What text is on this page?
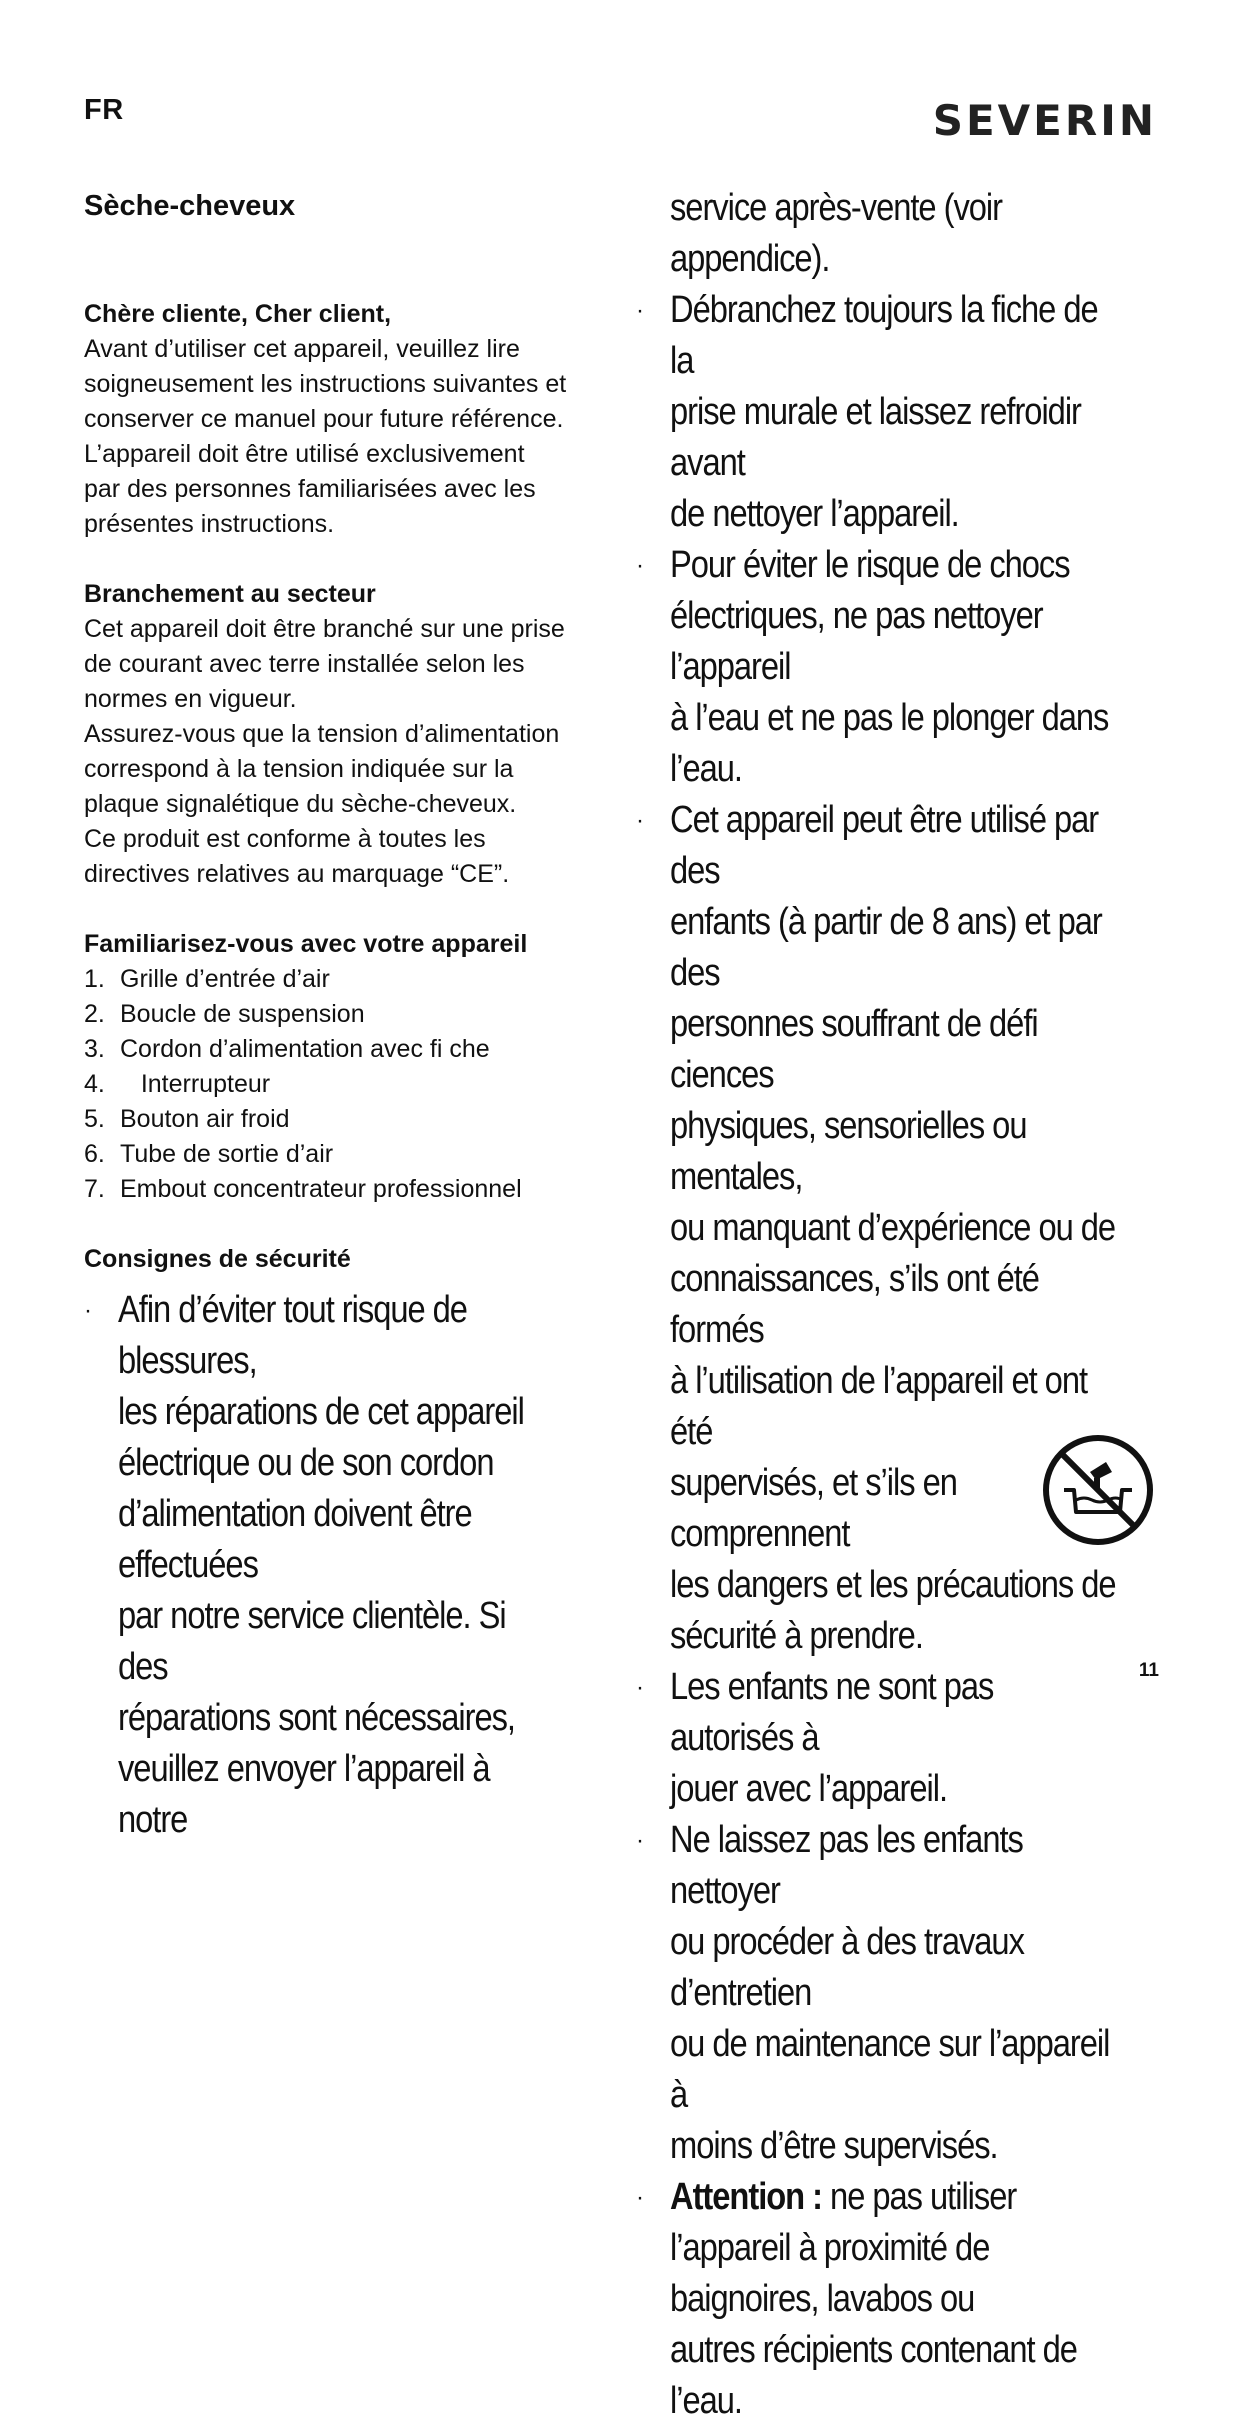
FR	SEVERIN
Sèche-cheveux
Chère cliente, Cher client,

Avant d’utiliser cet appareil, veuillez lire
soigneusement les instructions suivantes et
conserver ce manuel pour future référence.
L’appareil doit être utilisé exclusivement
par des personnes familiarisées avec les
présentes instructions.

Branchement au secteur

Cet appareil doit être branché sur une prise
de courant avec terre installée selon les
normes en vigueur.
Assurez-vous que la tension d’alimentation
correspond à la tension indiquée sur la
plaque signalétique du sèche-cheveux.
Ce produit est conforme à toutes les
directives relatives au marquage “CE”.

Familiarisez-vous avec votre appareil
1. Grille d’entrée d’air
2. Boucle de suspension
3. Cordon d’alimentation avec fi che
4. Interrupteur
5. Bouton air froid
6. Tube de sortie d’air
7. Embout concentrateur professionnel
Consignes de sécurité
· Afin d’éviter tout risque de blessures,
les réparations de cet appareil
électrique ou de son cordon
d’alimentation doivent être effectuées
par notre service clientèle. Si des
réparations sont nécessaires,
veuillez envoyer l’appareil à notre
service après-vente (voir appendice).
· Débranchez toujours la fiche de la
prise murale et laissez refroidir avant
de nettoyer l’appareil.
· Pour éviter le risque de chocs
électriques, ne pas nettoyer l’appareil
à l’eau et ne pas le plonger dans
l’eau.
· Cet appareil peut être utilisé par des
enfants (à partir de 8 ans) et par des
personnes souffrant de défi ciences
physiques, sensorielles ou mentales,
ou manquant d’expérience ou de
connaissances, s’ils ont été formés
à l’utilisation de l’appareil et ont été
supervisés, et s’ils en comprennent
les dangers et les précautions de
sécurité à prendre.
· Les enfants ne sont pas autorisés à
jouer avec l’appareil.
· Ne laissez pas les enfants nettoyer
ou procéder à des travaux d’entretien
ou de maintenance sur l’appareil à
moins d’être supervisés.
· Attention : ne pas utiliser
l’appareil à proximité de
baignoires, lavabos ou
autres récipients contenant de l’eau.
11
